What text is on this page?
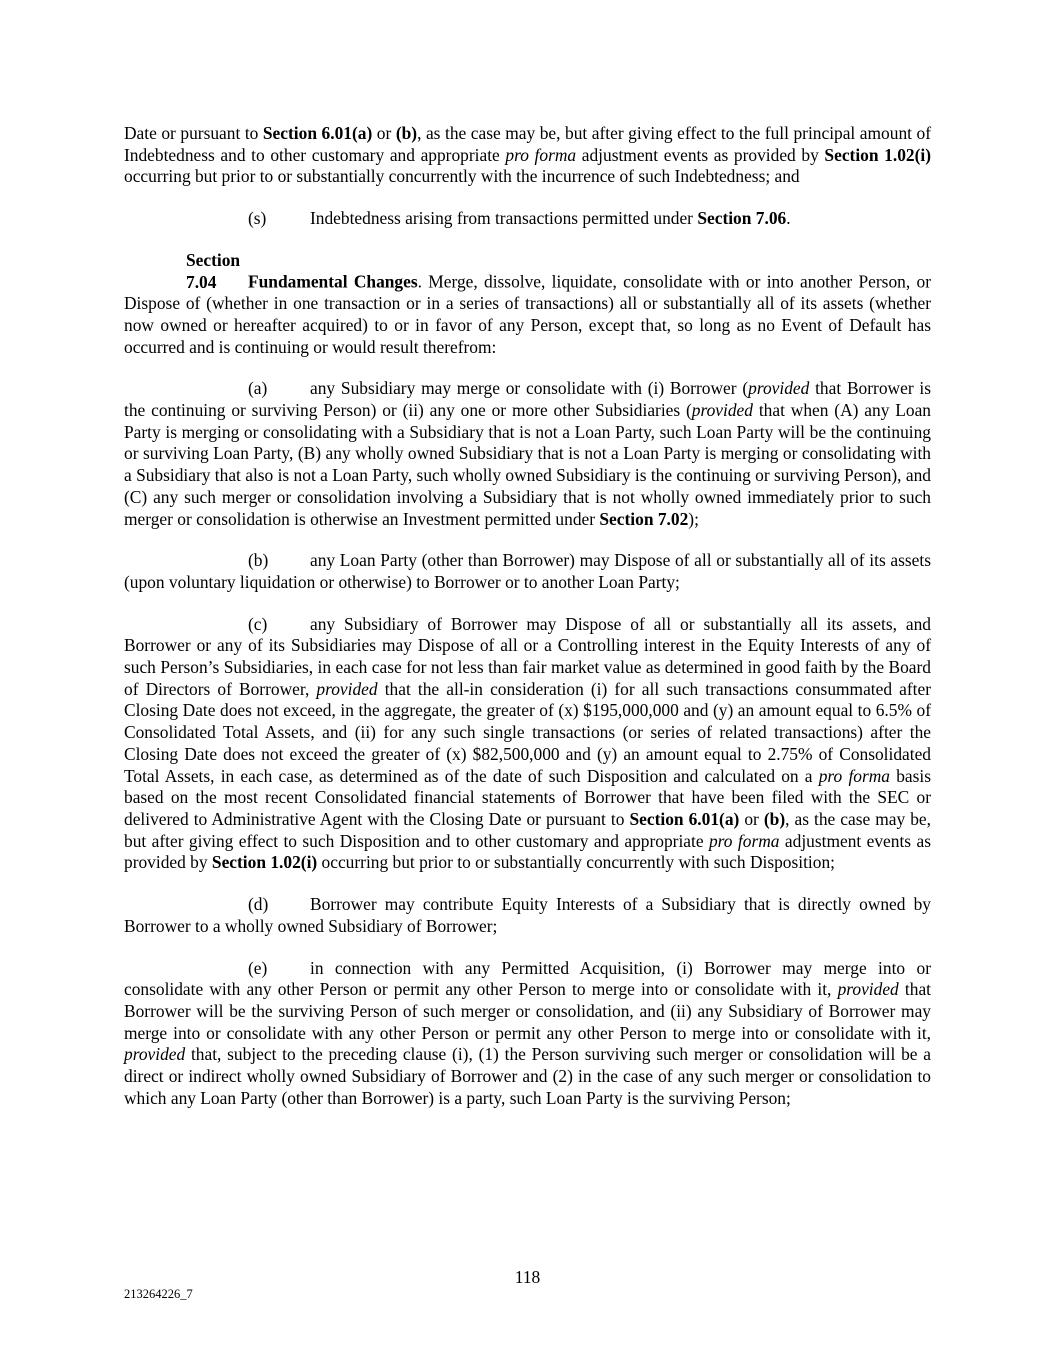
Date or pursuant to Section 6.01(a) or (b), as the case may be, but after giving effect to the full principal amount of Indebtedness and to other customary and appropriate pro forma adjustment events as provided by Section 1.02(i) occurring but prior to or substantially concurrently with the incurrence of such Indebtedness; and

(s)	Indebtedness arising from transactions permitted under Section 7.06.

Section 7.04 Fundamental Changes. Merge, dissolve, liquidate, consolidate with or into another Person, or Dispose of (whether in one transaction or in a series of transactions) all or substantially all of its assets (whether now owned or hereafter acquired) to or in favor of any Person, except that, so long as no Event of Default has occurred and is continuing or would result therefrom:

(a) any Subsidiary may merge or consolidate with (i) Borrower (provided that Borrower is the continuing or surviving Person) or (ii) any one or more other Subsidiaries (provided that when (A) any Loan Party is merging or consolidating with a Subsidiary that is not a Loan Party, such Loan Party will be the continuing or surviving Loan Party, (B) any wholly owned Subsidiary that is not a Loan Party is merging or consolidating with a Subsidiary that also is not a Loan Party, such wholly owned Subsidiary is the continuing or surviving Person), and (C) any such merger or consolidation involving a Subsidiary that is not wholly owned immediately prior to such merger or consolidation is otherwise an Investment permitted under Section 7.02);

(b) any Loan Party (other than Borrower) may Dispose of all or substantially all of its assets (upon voluntary liquidation or otherwise) to Borrower or to another Loan Party;

(c) any Subsidiary of Borrower may Dispose of all or substantially all its assets, and Borrower or any of its Subsidiaries may Dispose of all or a Controlling interest in the Equity Interests of any of such Person’s Subsidiaries, in each case for not less than fair market value as determined in good faith by the Board of Directors of Borrower, provided that the all-in consideration (i) for all such transactions consummated after Closing Date does not exceed, in the aggregate, the greater of (x) $195,000,000 and (y) an amount equal to 6.5% of Consolidated Total Assets, and (ii) for any such single transactions (or series of related transactions) after the Closing Date does not exceed the greater of (x) $82,500,000 and (y) an amount equal to 2.75% of Consolidated Total Assets, in each case, as determined as of the date of such Disposition and calculated on a pro forma basis based on the most recent Consolidated financial statements of Borrower that have been filed with the SEC or delivered to Administrative Agent with the Closing Date or pursuant to Section 6.01(a) or (b), as the case may be, but after giving effect to such Disposition and to other customary and appropriate pro forma adjustment events as provided by Section 1.02(i) occurring but prior to or substantially concurrently with such Disposition;

(d) Borrower may contribute Equity Interests of a Subsidiary that is directly owned by Borrower to a wholly owned Subsidiary of Borrower;

(e) in connection with any Permitted Acquisition, (i) Borrower may merge into or consolidate with any other Person or permit any other Person to merge into or consolidate with it, provided that Borrower will be the surviving Person of such merger or consolidation, and (ii) any Subsidiary of Borrower may merge into or consolidate with any other Person or permit any other Person to merge into or consolidate with it, provided that, subject to the preceding clause (i), (1) the Person surviving such merger or consolidation will be a direct or indirect wholly owned Subsidiary of Borrower and (2) in the case of any such merger or consolidation to which any Loan Party (other than Borrower) is a party, such Loan Party is the surviving Person;

118
213264226_7
